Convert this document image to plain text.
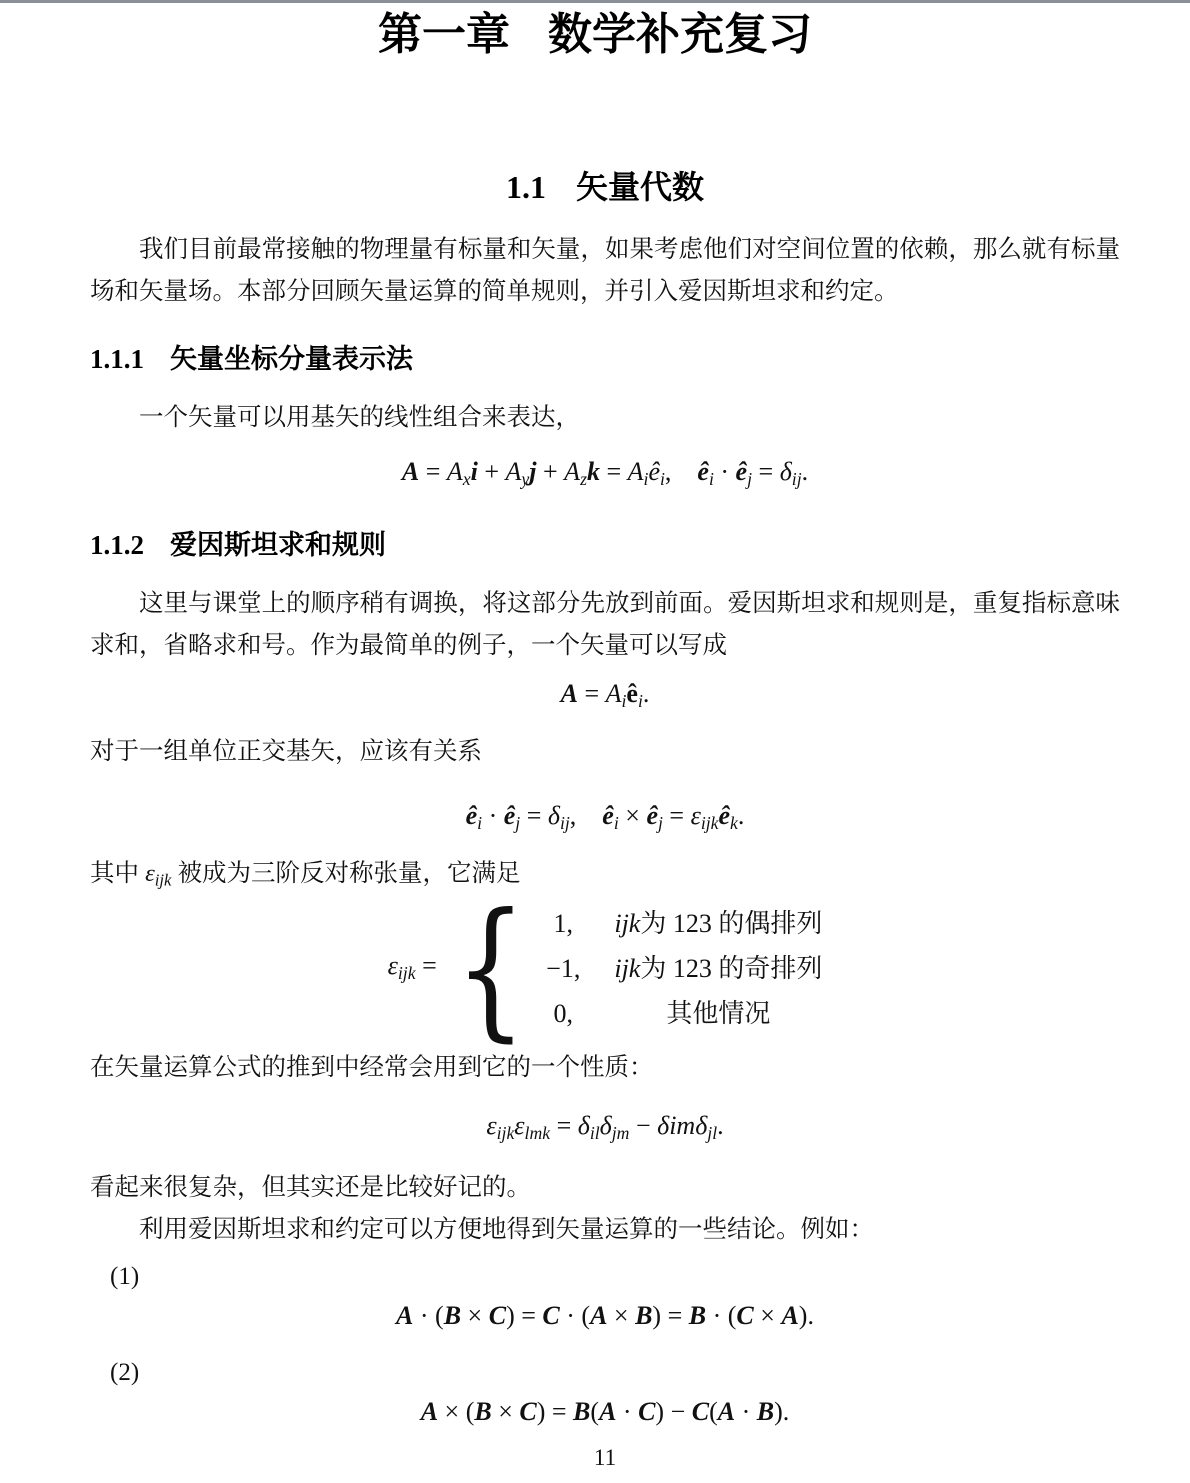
第一章 数学补充复习
1.1 矢量代数

我们目前最常接触的物理量有标量和矢量，如果考虑他们对空间位置的依赖，那么就有标量场和矢量场。本部分回顾矢量运算的简单规则，并引入爱因斯坦求和约定。

1.1.1 矢量坐标分量表示法

一个矢量可以用基矢的线性组合来表达，

A = Axi + Ayj + Azk = Aiêi,  êi · êj = δij.
1.1.2 爱因斯坦求和规则

这里与课堂上的顺序稍有调换，将这部分先放到前面。爱因斯坦求和规则是，重复指标意味求和，省略求和号。作为最简单的例子，一个矢量可以写成

A = Aiêi.

对于一组单位正交基矢，应该有关系

êi · êj = δij,  êi × êj = εijkêk.
其中 εijk 被成为三阶反对称张量，它满足
εijk = { 1, ijk 为 123 的偶排列
−1, ijk 为 123 的奇排列
0,	其他情况

在矢量运算公式的推到中经常会用到它的一个性质：

εijkεlmk = δilδjm − δimδjl.

看起来很复杂，但其实还是比较好记的。

利用爱因斯坦求和约定可以方便地得到矢量运算的一些结论。例如：

(1)
A · (B × C) = C · (A × B) = B · (C × A).
(2)
A × (B × C) = B(A · C) − C(A · B).
11
